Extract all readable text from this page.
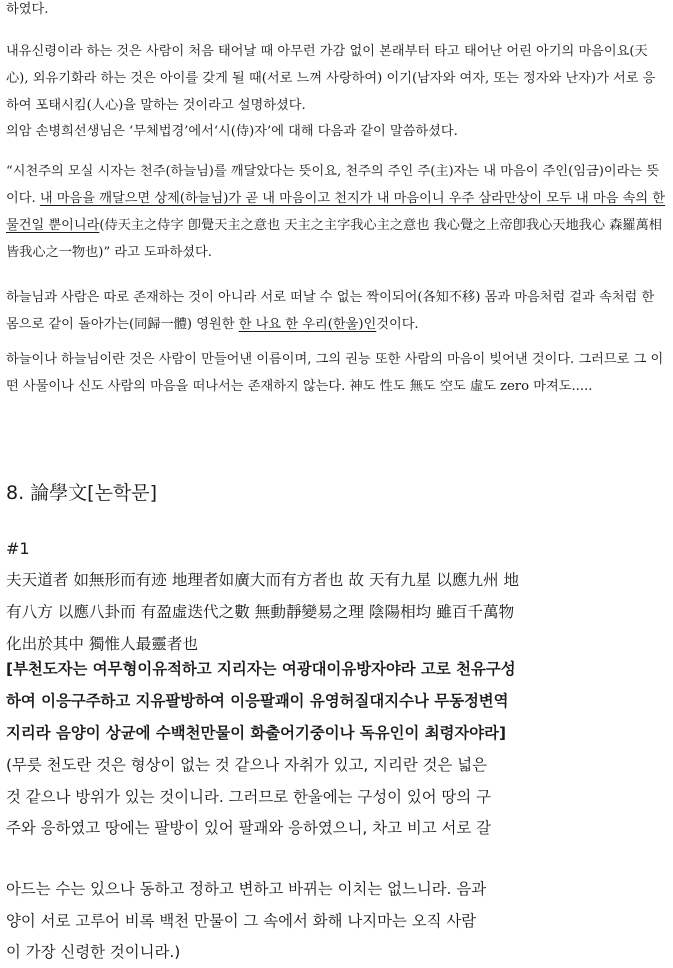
하였다.

내유신령이라 하는 것은 사람이 처음 태어날 때 아무런 가감 없이 본래부터 타고 태어난 어린 아기의 마음이요(天心), 외유기화라 하는 것은 아이를 갖게 될 때(서로 느껴 사랑하여) 이기(남자와 여자, 또는 정자와 난자)가 서로 응하여 포태시킴(人心)을 말하는 것이라고 설명하셨다.

의암 손병희선생님은 ‘무체법경’에서‘시(侍)자’에 대해 다음과 같이 말씀하셨다.

“시천주의 모실 시자는 천주(하늘님)를 깨달았다는 뜻이요, 천주의 주인 주(主)자는 내 마음이 주인(임금)이라는 뜻이다. 내 마음을 깨달으면 상제(하늘님)가 곧 내 마음이고 천지가 내 마음이니 우주 삼라만상이 모두 내 마음 속의 한 물건일 뿐이니라(侍天主之侍字 卽覺天主之意也 天主之主字我心主之意也 我心覺之上帝卽我心天地我心 森羅萬相皆我心之一物也)” 라고 도파하셨다.

하늘님과 사람은 따로 존재하는 것이 아니라 서로 떠날 수 없는 짝이되어(各知不移) 몸과 마음처럼 겉과 속처럼 한 몸으로 같이 돌아가는(同歸一體) 영원한 한 나요 한 우리(한울)인것이다.

하늘이나 하늘님이란 것은 사람이 만들어낸 이름이며, 그의 권능 또한 사람의 마음이 빚어낸 것이다. 그러므로 그 이떤 사물이나 신도 사람의 마음을 떠나서는 존재하지 않는다. 神도 性도 無도 空도 虛도 zero 마져도.....

8. 論學文[논학문]

#1

夫天道者 如無形而有迹 地理者如廣大而有方者也 故 天有九星 以應九州 地

有八方 以應八卦而 有盈虛迭代之數 無動靜變易之理 陰陽相均 雖百千萬物

化出於其中 獨惟人最靈者也

[부천도자는 여무형이유적하고 지리자는 여광대이유방자야라 고로 천유구성

하여 이응구주하고 지유팔방하여 이응팔괘이 유영허질대지수나 무동정변역

지리라 음양이 상균에 수백천만물이 화출어기중이나 독유인이 최령자야라]

(무릇 천도란 것은 형상이 없는 것 같으나 자취가 있고, 지리란 것은 넓은

것 같으나 방위가 있는 것이니라. 그러므로 한울에는 구성이 있어 땅의 구

주와 응하였고 땅에는 팔방이 있어 팔괘와 응하였으니, 차고 비고 서로 갈

아드는 수는 있으나 동하고 정하고 변하고 바뀌는 이치는 없느니라. 음과

양이 서로 고루어 비록 백천 만물이 그 속에서 화해 나지마는 오직 사람

이 가장 신령한 것이니라.)
